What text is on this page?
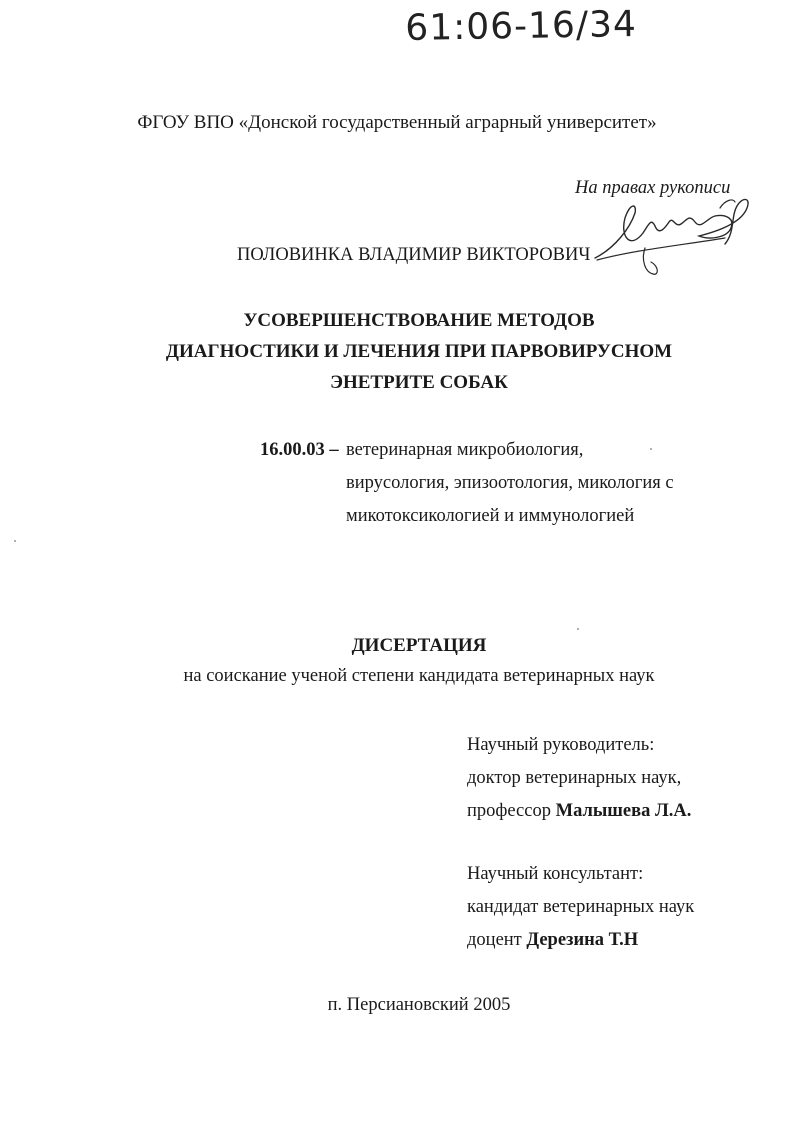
61:06-16/34
ФГОУ ВПО «Донской государственный аграрный университет»
На правах рукописи
ПОЛОВИНКА ВЛАДИМИР ВИКТОРОВИЧ
УСОВЕРШЕНСТВОВАНИЕ МЕТОДОВ
ДИАГНОСТИКИ И ЛЕЧЕНИЯ ПРИ ПАРВОВИРУСНОМ
ЭНЕТРИТЕ СОБАК
16.00.03 – ветеринарная микробиология,
вирусология, эпизоотология, микология с
микотоксикологией и иммунологией
ДИСЕРТАЦИЯ
на соискание ученой степени кандидата ветеринарных наук
Научный руководитель:
доктор ветеринарных наук,
профессор Малышева Л.А.
Научный консультант:
кандидат ветеринарных наук
доцент Дерезина Т.Н
п. Персиановский 2005
